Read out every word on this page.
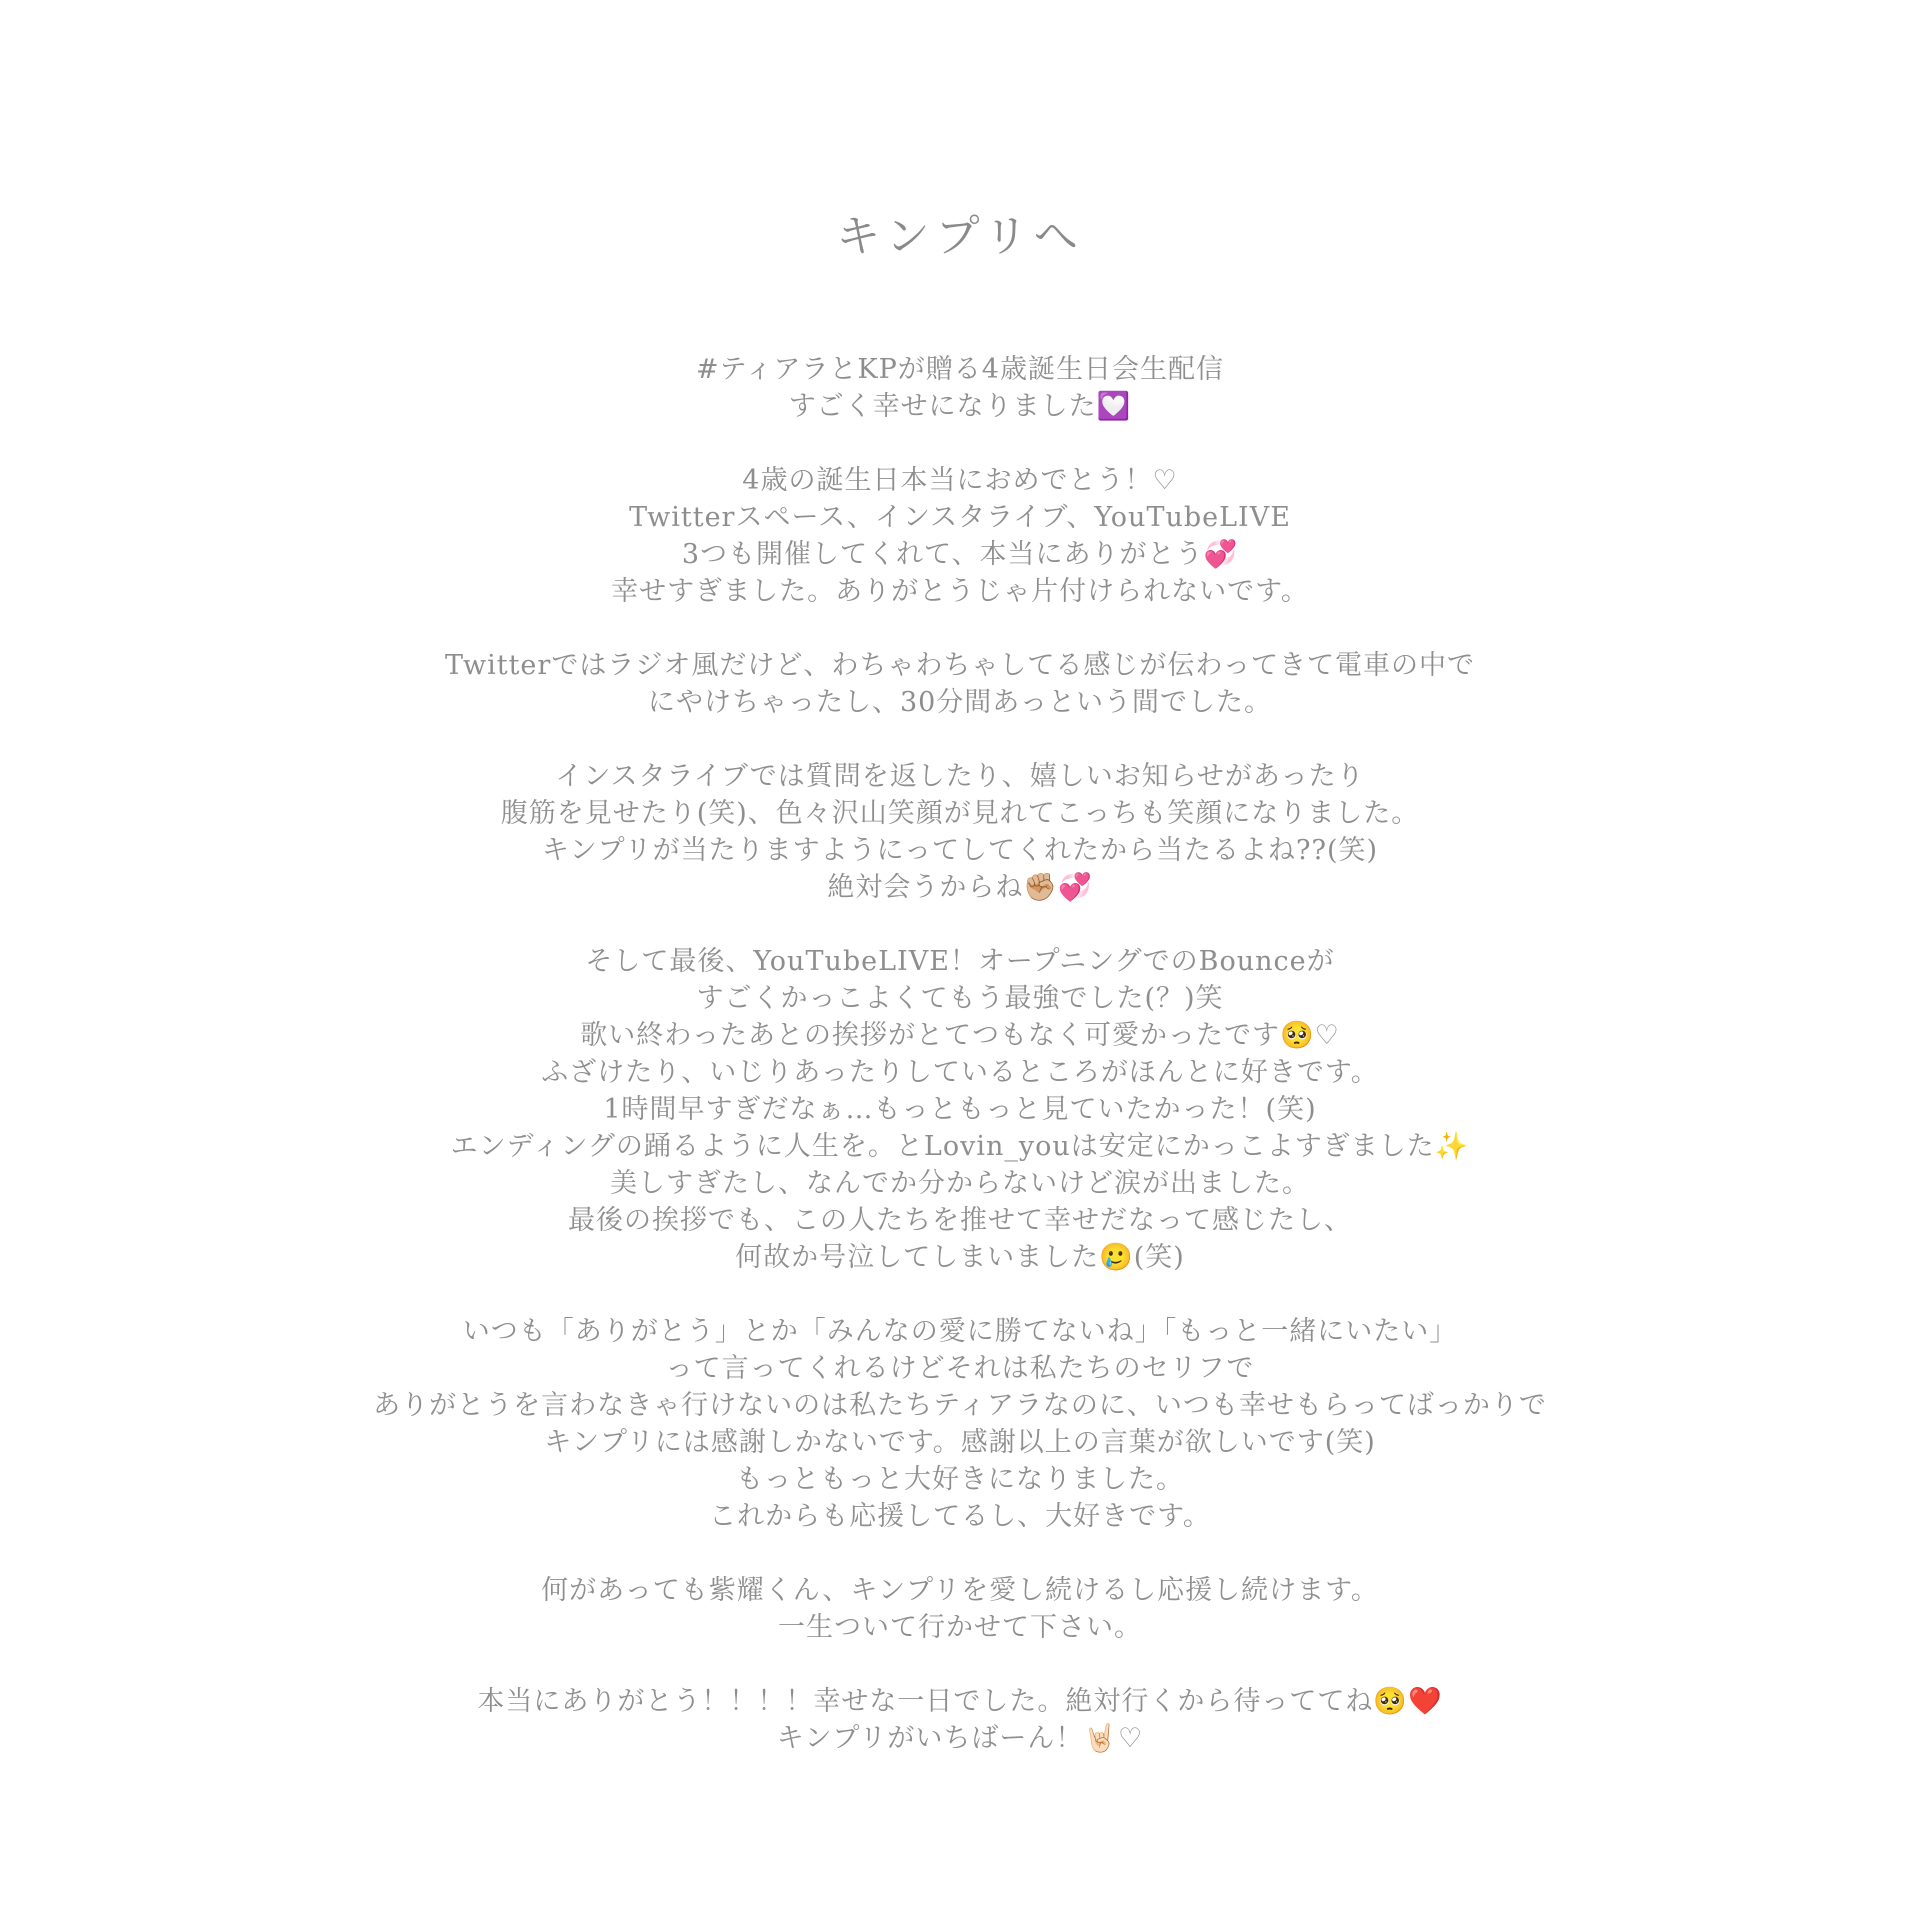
キンプリへ
#ティアラとKPが贈る4歳誕生日会生配信
すごく幸せになりました💟
4歳の誕生日本当におめでとう！♡
Twitterスペース、インスタライブ、YouTubeLIVE
3つも開催してくれて、本当にありがとう💞
幸せすぎました。ありがとうじゃ片付けられないです。
Twitterではラジオ風だけど、わちゃわちゃしてる感じが伝わってきて電車の中で
にやけちゃったし、30分間あっという間でした。
インスタライブでは質問を返したり、嬉しいお知らせがあったり
腹筋を見せたり(笑)、色々沢山笑顔が見れてこっちも笑顔になりました。
キンプリが当たりますようにってしてくれたから当たるよね??(笑)
絶対会うからね✊🏼💞
そして最後、YouTubeLIVE！オープニングでのBounceが
すごくかっこよくてもう最強でした(？)笑
歌い終わったあとの挨拶がとてつもなく可愛かったです🥺♡
ふざけたり、いじりあったりしているところがほんとに好きです。
1時間早すぎだなぁ…もっともっと見ていたかった！(笑)
エンディングの踊るように人生を。とLovin_youは安定にかっこよすぎました✨
美しすぎたし、なんでか分からないけど涙が出ました。
最後の挨拶でも、この人たちを推せて幸せだなって感じたし、
何故か号泣してしまいました🥲(笑)
いつも「ありがとう」とか「みんなの愛に勝てないね」「もっと一緒にいたい」
って言ってくれるけどそれは私たちのセリフで
ありがとうを言わなきゃ行けないのは私たちティアラなのに、いつも幸せもらってばっかりで
キンプリには感謝しかないです。感謝以上の言葉が欲しいです(笑)
もっともっと大好きになりました。
これからも応援してるし、大好きです。
何があっても紫耀くん、キンプリを愛し続けるし応援し続けます。
一生ついて行かせて下さい。
本当にありがとう！！！！幸せな一日でした。絶対行くから待っててね🥺❤️
キンプリがいちばーん！🤘🏻♡
